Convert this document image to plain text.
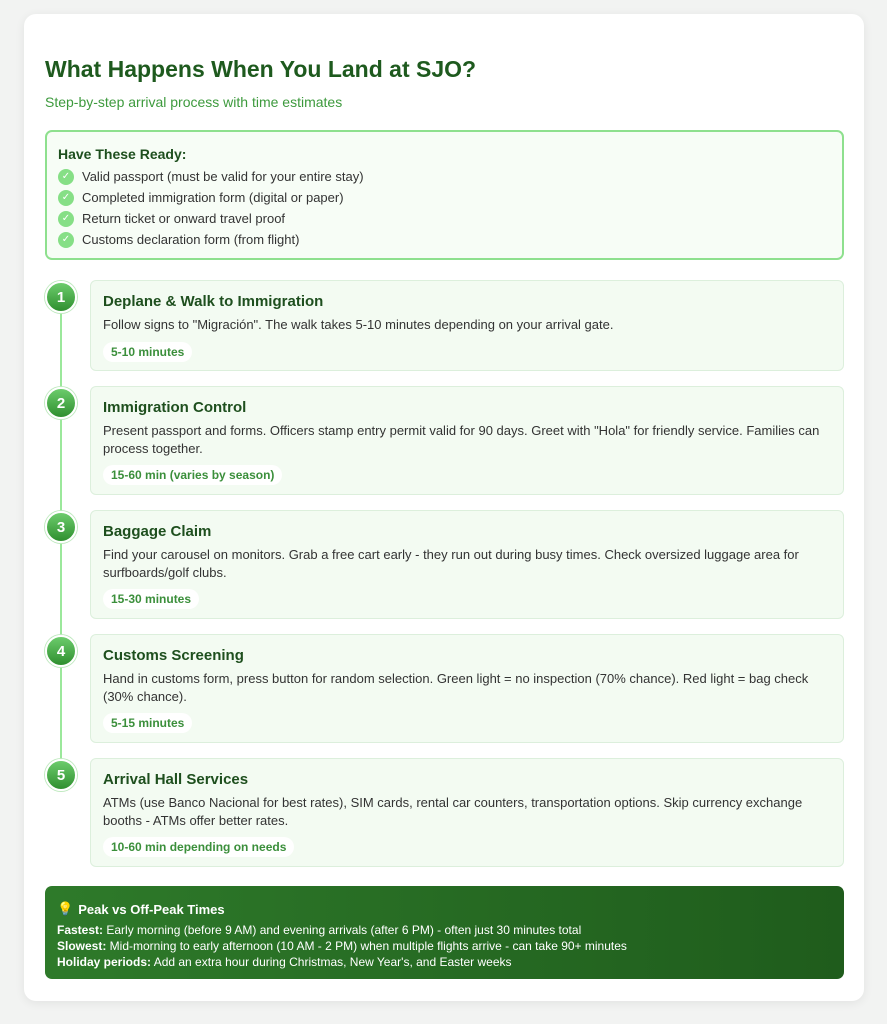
What Happens When You Land at SJO?

Step-by-step arrival process with time estimates

Have These Ready:
✓ Valid passport (must be valid for your entire stay)
✓ Completed immigration form (digital or paper)
✓ Return ticket or onward travel proof
✓ Customs declaration form (from flight)
1	Deplane & Walk to Immigration
Follow signs to "Migración". The walk takes 5-10 minutes depending on your arrival gate.
5-10 minutes
2	Immigration Control
Present passport and forms. Officers stamp entry permit valid for 90 days. Greet with "Hola" for friendly service. Families can process together.
15-60 min (varies by season)
3	Baggage Claim
Find your carousel on monitors. Grab a free cart early - they run out during busy times. Check oversized luggage area for surfboards/golf clubs.
15-30 minutes
4	Customs Screening
Hand in customs form, press button for random selection. Green light = no inspection (70% chance). Red light = bag check (30% chance).
5-15 minutes
5	Arrival Hall Services
ATMs (use Banco Nacional for best rates), SIM cards, rental car counters, transportation options. Skip currency exchange booths - ATMs offer better rates.
10-60 min depending on needs
💡 Peak vs Off-Peak Times
Fastest: Early morning (before 9 AM) and evening arrivals (after 6 PM) - often just 30 minutes total
Slowest: Mid-morning to early afternoon (10 AM - 2 PM) when multiple flights arrive - can take 90+ minutes
Holiday periods: Add an extra hour during Christmas, New Year's, and Easter weeks
